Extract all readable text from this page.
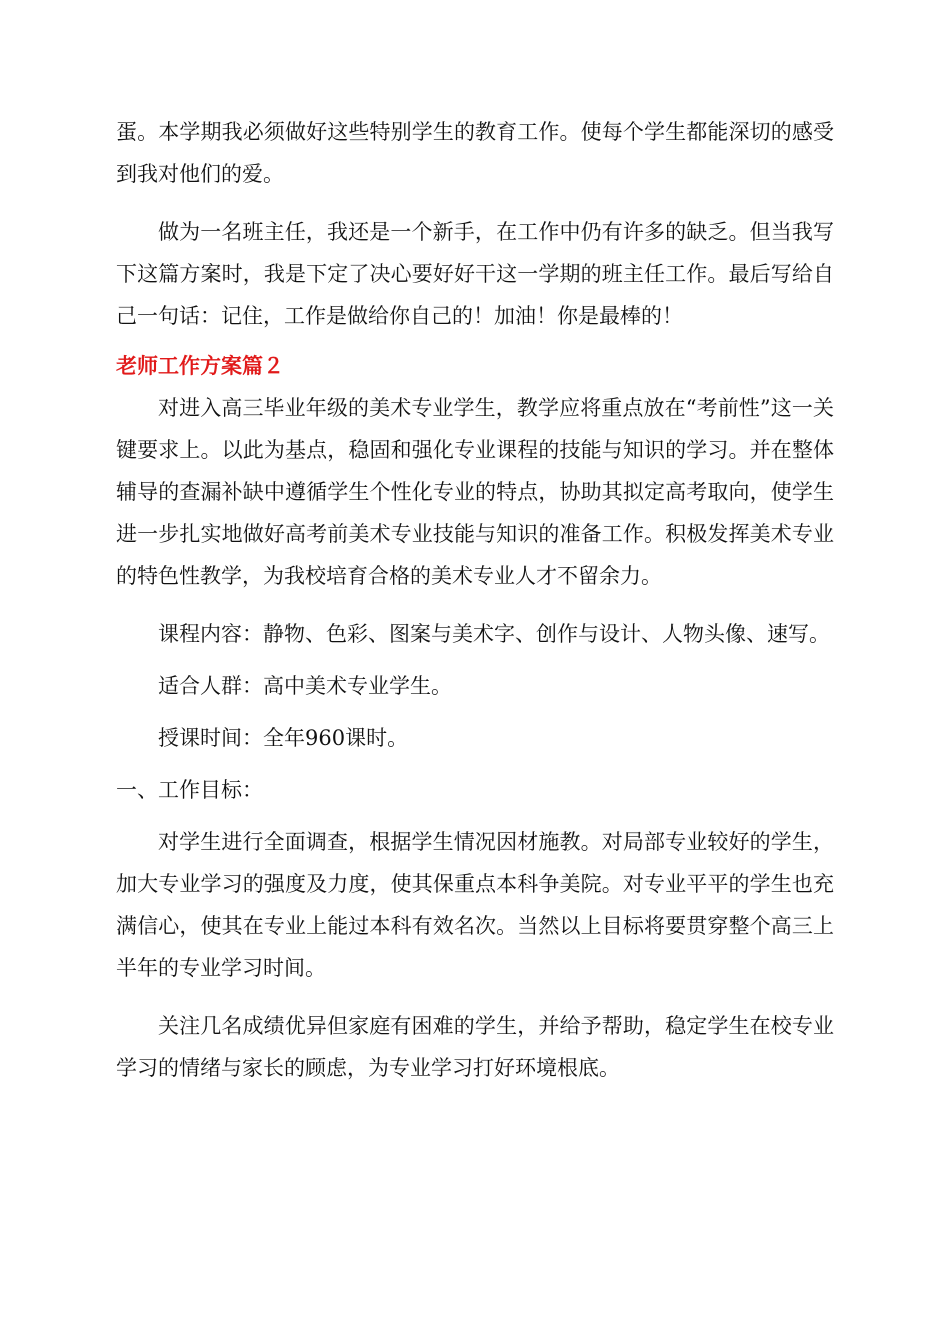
蛋。本学期我必须做好这些特别学生的教育工作。使每个学生都能深切的感受到我对他们的爱。

做为一名班主任，我还是一个新手，在工作中仍有许多的缺乏。但当我写下这篇方案时，我是下定了决心要好好干这一学期的班主任工作。最后写给自己一句话：记住，工作是做给你自己的！加油！你是最棒的！

老师工作方案篇２

对进入高三毕业年级的美术专业学生，教学应将重点放在“考前性”这一关键要求上。以此为基点，稳固和强化专业课程的技能与知识的学习。并在整体辅导的查漏补缺中遵循学生个性化专业的特点，协助其拟定高考取向，使学生进一步扎实地做好高考前美术专业技能与知识的准备工作。积极发挥美术专业的特色性教学，为我校培育合格的美术专业人才不留余力。

课程内容：静物、色彩、图案与美术字、创作与设计、人物头像、速写。

适合人群：高中美术专业学生。

授课时间：全年960课时。

一、工作目标：

对学生进行全面调查，根据学生情况因材施教。对局部专业较好的学生，加大专业学习的强度及力度，使其保重点本科争美院。对专业平平的学生也充满信心，使其在专业上能过本科有效名次。当然以上目标将要贯穿整个高三上半年的专业学习时间。

关注几名成绩优异但家庭有困难的学生，并给予帮助，稳定学生在校专业学习的情绪与家长的顾虑，为专业学习打好环境根底。
